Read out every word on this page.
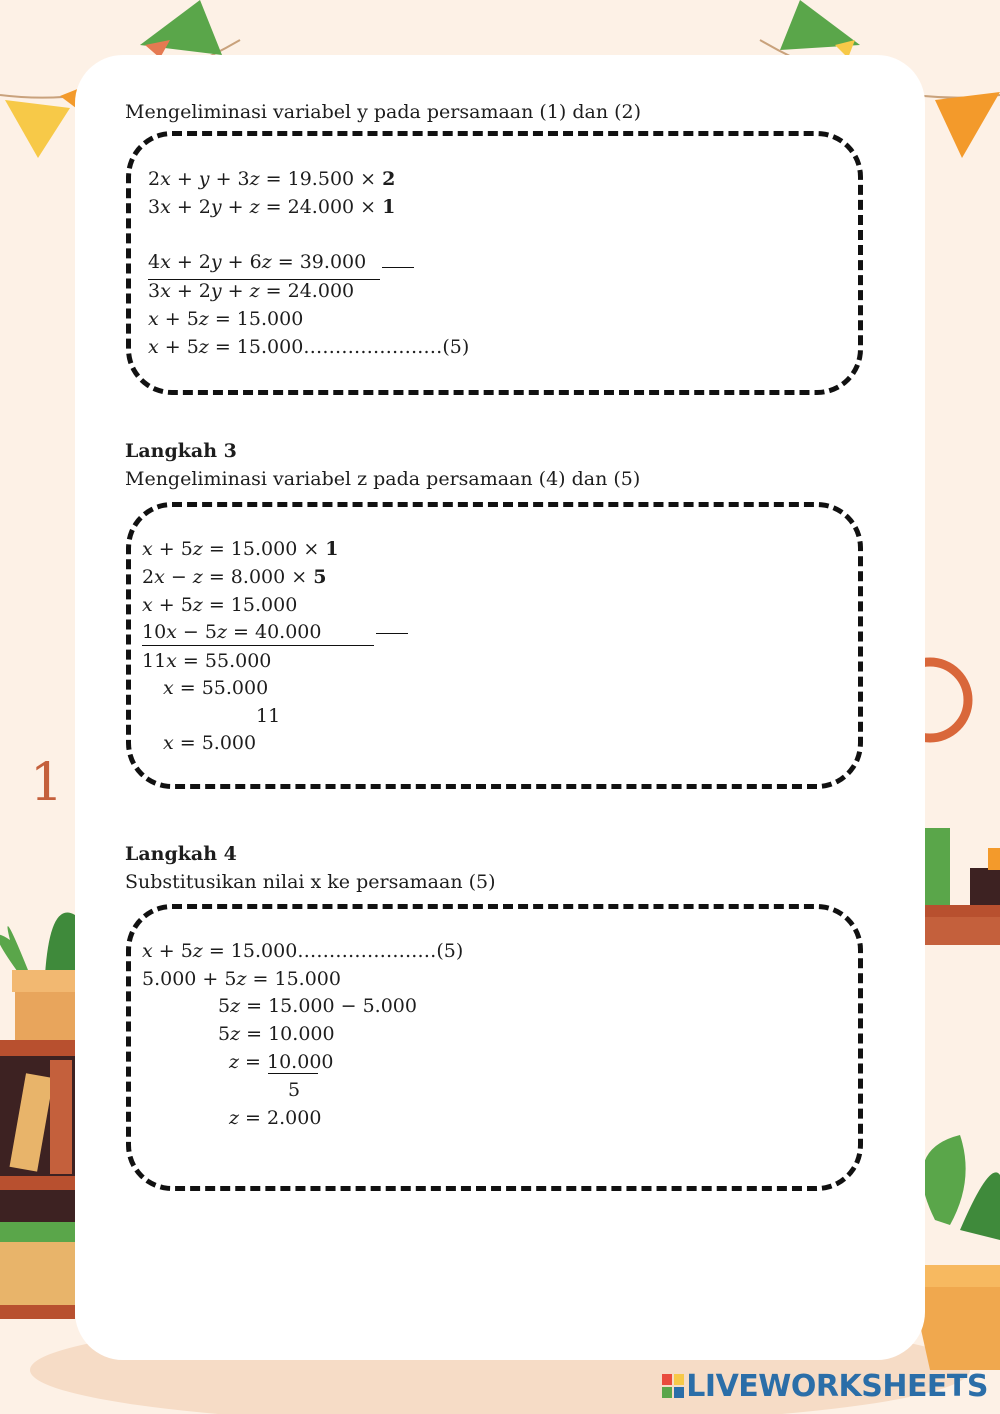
1
Mengeliminasi variabel y pada persamaan (1) dan (2)
2𝑥 + 𝑦 + 3𝑧 = 19.500 × 2
3𝑥 + 2𝑦 + 𝑧 = 24.000 × 1
4𝑥 + 2𝑦 + 6𝑧 = 39.000
3𝑥 + 2𝑦 + 𝑧 = 24.000
𝑥 + 5𝑧 = 15.000
𝑥 + 5𝑧 = 15.000……………….…(5)
Langkah 3
Mengeliminasi variabel z pada persamaan (4) dan (5)
𝑥 + 5𝑧 = 15.000 × 1
2𝑥 − 𝑧 = 8.000 × 5
𝑥 + 5𝑧 = 15.000
10𝑥 − 5𝑧 = 40.000
11𝑥 = 55.000
𝑥 = 55.000
11
𝑥 = 5.000
Langkah 4
Substitusikan nilai x ke persamaan (5)
𝑥 + 5𝑧 = 15.000……………….…(5)
5.000 + 5𝑧 = 15.000
5𝑧 = 15.000 − 5.000
5𝑧 = 10.000
𝑧 = 10.000
5
𝑧 = 2.000
LIVEWORKSHEETS
